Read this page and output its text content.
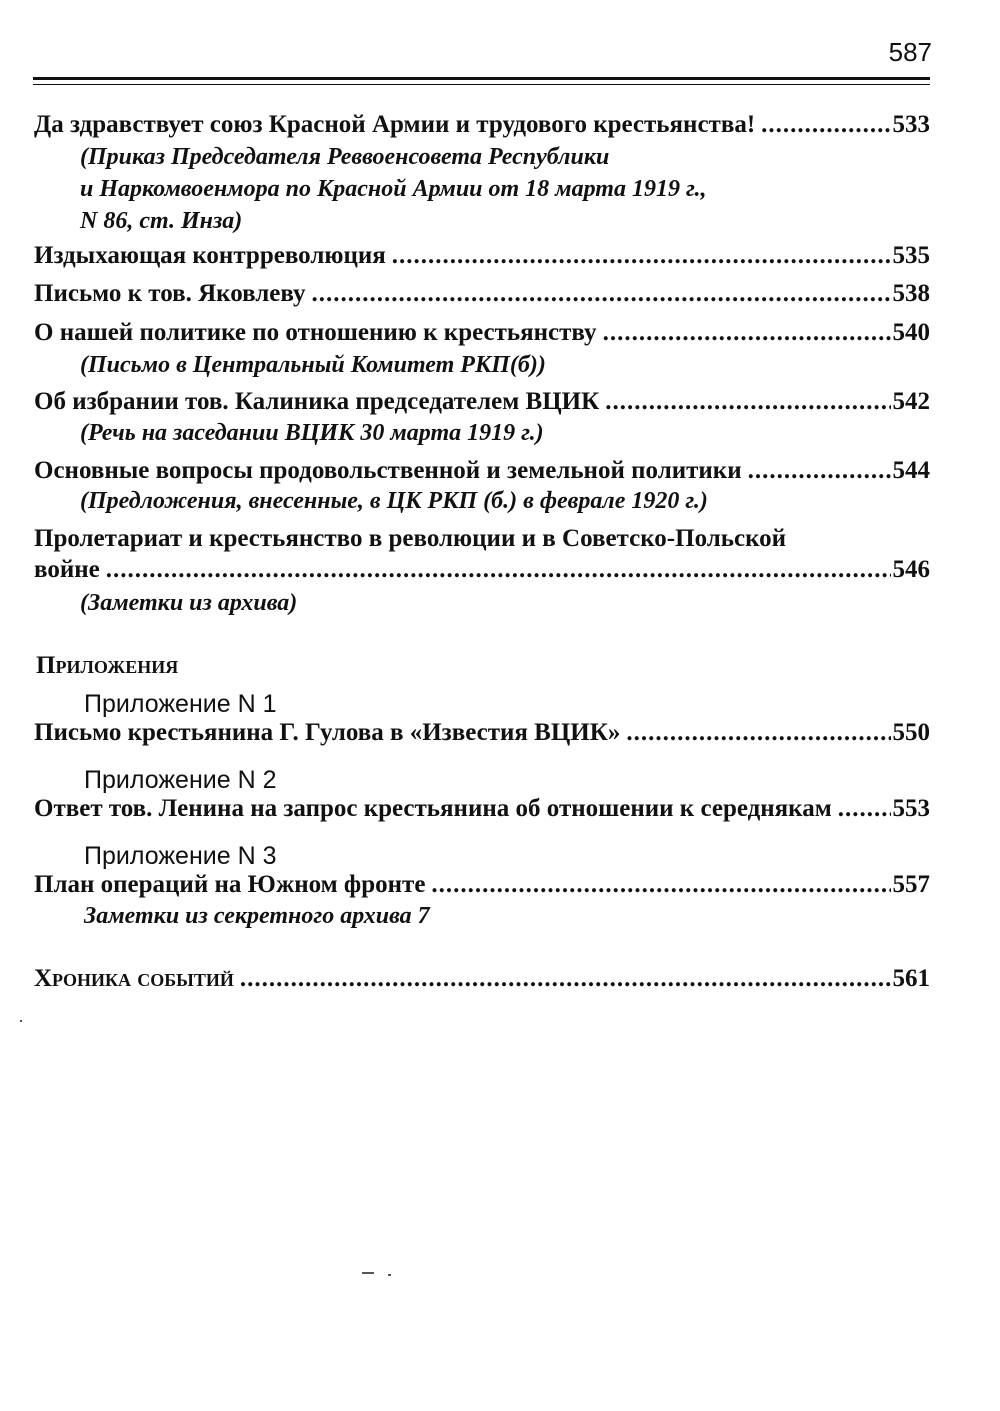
587
Да здравствует союз Красной Армии и трудового крестьянства! .....	533
(Приказ Председателя Реввоенсовета Республики
и Наркомвоенмора по Красной Армии от 18 марта 1919 г.,
N 86, ст. Инза)
Издыхающая контрреволюция .....	535
Письмо к тов. Яковлеву .....	538
О нашей политике по отношению к крестьянству .....	540
(Письмо в Центральный Комитет РКП(б))
Об избрании тов. Калиника председателем ВЦИК .....	542
(Речь на заседании ВЦИК 30 марта 1919 г.)
Основные вопросы продовольственной и земельной политики .....	544
(Предложения, внесенные, в ЦК РКП (б.) в феврале 1920 г.)
Пролетариат и крестьянство в революции и в Советско-Польской
войне .....	546
(Заметки из архива)
Приложения
Приложение N 1
Письмо крестьянина Г. Гулова в «Известия ВЦИК» .....	550
Приложение N 2
Ответ тов. Ленина на запрос крестьянина об отношении к середнякам ..... 553
Приложение N 3
План операций на Южном фронте .....	557
Заметки из секретного архива 7
Хроника событий .....	561
